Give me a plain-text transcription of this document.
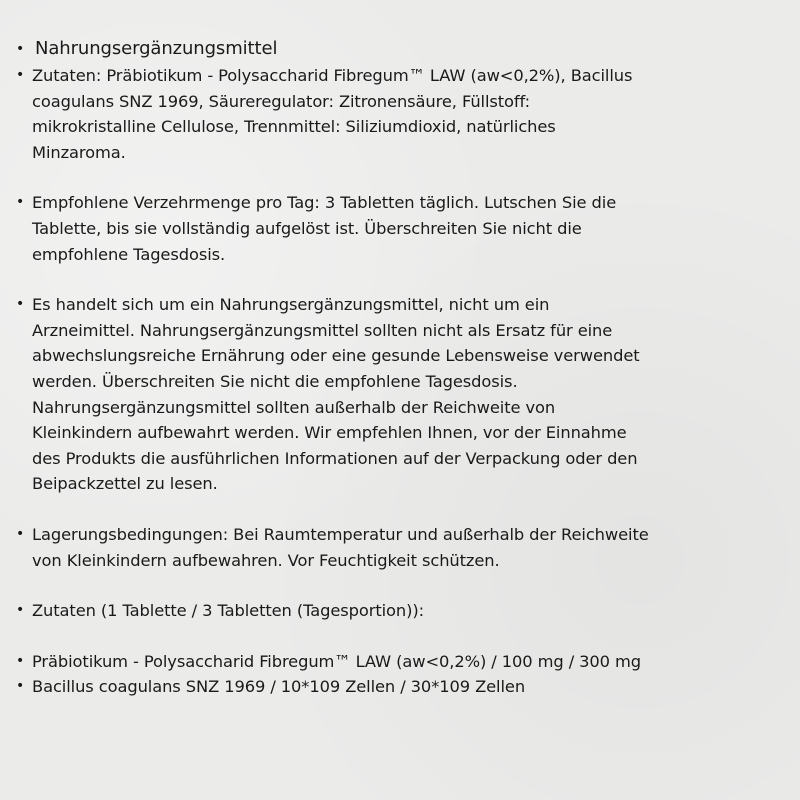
• Nahrungsergänzungsmittel

• Zutaten: Präbiotikum - Polysaccharid Fibregum™ LAW (aw<0,2%), Bacillus coagulans SNZ 1969, Säureregulator: Zitronensäure, Füllstoff: mikrokristalline Cellulose, Trennmittel: Siliziumdioxid, natürliches Minzaroma.

• Empfohlene Verzehrmenge pro Tag: 3 Tabletten täglich. Lutschen Sie die Tablette, bis sie vollständig aufgelöst ist. Überschreiten Sie nicht die empfohlene Tagesdosis.

• Es handelt sich um ein Nahrungsergänzungsmittel, nicht um ein Arzneimittel. Nahrungsergänzungsmittel sollten nicht als Ersatz für eine abwechslungsreiche Ernährung oder eine gesunde Lebensweise verwendet werden. Überschreiten Sie nicht die empfohlene Tagesdosis. Nahrungsergänzungsmittel sollten außerhalb der Reichweite von Kleinkindern aufbewahrt werden. Wir empfehlen Ihnen, vor der Einnahme des Produkts die ausführlichen Informationen auf der Verpackung oder den Beipackzettel zu lesen.

• Lagerungsbedingungen: Bei Raumtemperatur und außerhalb der Reichweite von Kleinkindern aufbewahren. Vor Feuchtigkeit schützen.

• Zutaten (1 Tablette / 3 Tabletten (Tagesportion)):

• Präbiotikum - Polysaccharid Fibregum™ LAW (aw<0,2%) / 100 mg / 300 mg

• Bacillus coagulans SNZ 1969 / 10*109 Zellen / 30*109 Zellen
